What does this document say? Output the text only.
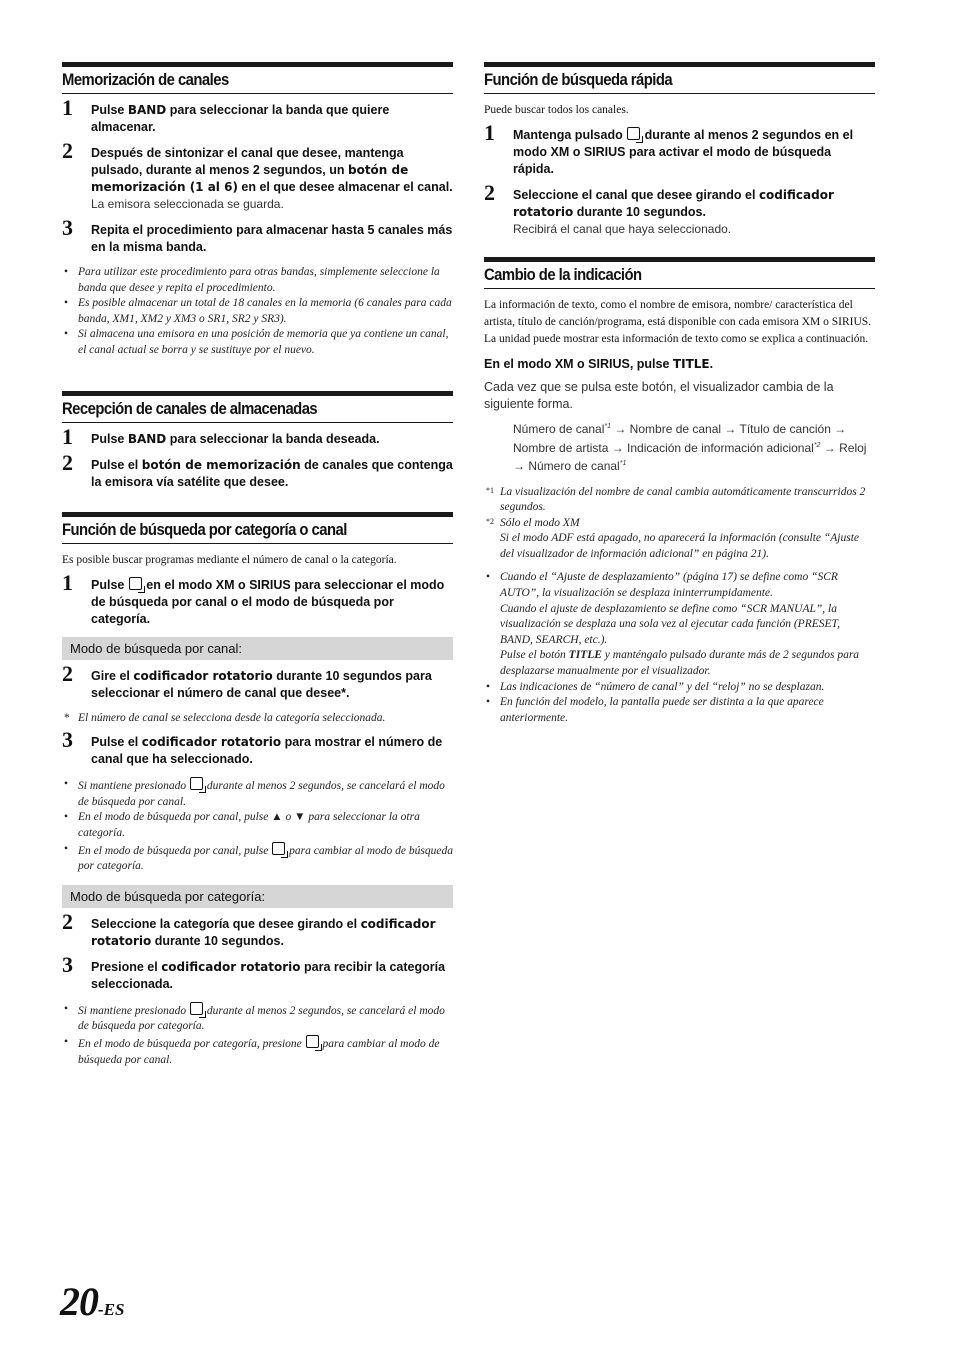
Memorización de canales
1 Pulse BAND para seleccionar la banda que quiere almacenar.
2 Después de sintonizar el canal que desee, mantenga pulsado, durante al menos 2 segundos, un botón de memorización (1 al 6) en el que desee almacenar el canal.
La emisora seleccionada se guarda.
3 Repita el procedimiento para almacenar hasta 5 canales más en la misma banda.
• Para utilizar este procedimiento para otras bandas, simplemente seleccione la banda que desee y repita el procedimiento.
• Es posible almacenar un total de 18 canales en la memoria (6 canales para cada banda, XM1, XM2 y XM3 o SR1, SR2 y SR3).
• Si almacena una emisora en una posición de memoria que ya contiene un canal, el canal actual se borra y se sustituye por el nuevo.
Recepción de canales de almacenadas
1 Pulse BAND para seleccionar la banda deseada.
2 Pulse el botón de memorización de canales que contenga la emisora vía satélite que desee.
Función de búsqueda por categoría o canal
Es posible buscar programas mediante el número de canal o la categoría.
1 Pulse  en el modo XM o SIRIUS para seleccionar el modo de búsqueda por canal o el modo de búsqueda por categoría.
Modo de búsqueda por canal:
2 Gire el codificador rotatorio durante 10 segundos para seleccionar el número de canal que desee*.
* El número de canal se selecciona desde la categoría seleccionada.
3 Pulse el codificador rotatorio para mostrar el número de canal que ha seleccionado.
• Si mantiene presionado  durante al menos 2 segundos, se cancelará el modo de búsqueda por canal.
• En el modo de búsqueda por canal, pulse ▲ o ▼ para seleccionar la otra categoría.
• En el modo de búsqueda por canal, pulse  para cambiar al modo de búsqueda por categoría.
Modo de búsqueda por categoría:
2 Seleccione la categoría que desee girando el codificador rotatorio durante 10 segundos.
3 Presione el codificador rotatorio para recibir la categoría seleccionada.
• Si mantiene presionado  durante al menos 2 segundos, se cancelará el modo de búsqueda por categoría.
• En el modo de búsqueda por categoría, presione  para cambiar al modo de búsqueda por canal.
Función de búsqueda rápida
Puede buscar todos los canales.
1 Mantenga pulsado  durante al menos 2 segundos en el modo XM o SIRIUS para activar el modo de búsqueda rápida.
2 Seleccione el canal que desee girando el codificador rotatorio durante 10 segundos.
Recibirá el canal que haya seleccionado.
Cambio de la indicación
La información de texto, como el nombre de emisora, nombre/ característica del artista, título de canción/programa, está disponible con cada emisora XM o SIRIUS. La unidad puede mostrar esta información de texto como se explica a continuación.
En el modo XM o SIRIUS, pulse TITLE.
Cada vez que se pulsa este botón, el visualizador cambia de la siguiente forma.
Número de canal$^{*1}$ → Nombre de canal → Título de canción → Nombre de artista → Indicación de información adicional$^{*2}$ → Reloj → Número de canal$^{*1}$
*1 La visualización del nombre de canal cambia automáticamente transcurridos 2 segundos.
*2 Sólo el modo XM
Si el modo ADF está apagado, no aparecerá la información (consulte “Ajuste del visualizador de información adicional” en página 21).
• Cuando el “Ajuste de desplazamiento” (página 17) se define como “SCR AUTO”, la visualización se desplaza ininterrumpidamente.
Cuando el ajuste de desplazamiento se define como “SCR MANUAL”, la visualización se desplaza una sola vez al ejecutar cada función (PRESET, BAND, SEARCH, etc.).
Pulse el botón TITLE y manténgalo pulsado durante más de 2 segundos para desplazarse manualmente por el visualizador.
• Las indicaciones de “número de canal” y del “reloj” no se desplazan.
• En función del modelo, la pantalla puede ser distinta a la que aparece anteriormente.
20-ES
